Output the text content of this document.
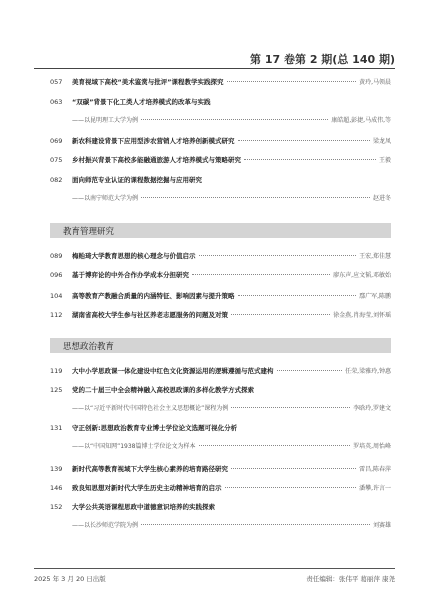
第 17 卷第 2 期(总 140 期)
057	美育视域下高校“美术鉴赏与批评”课程教学实践探究	黄玲,马领晨
063	“双碳”背景下化工类人才培养模式的改革与实践
——以昆明理工大学为例	康皓超,彭捷,马成伟,等
069	新农科建设背景下应用型涉农营销人才培养创新模式研究	梁龙凤
075	乡村振兴背景下高校多能融通旅游人才培养模式与策略研究	王毅
082	面向师范专业认证的课程数据挖掘与应用研究
——以南宁师范大学为例	赵进冬
教育管理研究
089	梅贻琦大学教育思想的核心理念与价值启示	王宏,郑佳慧
096	基于博弈论的中外合作办学成本分担研究	廖东声,应文韬,邓敏始
104	高等教育产教融合质量的内涵特征、影响因素与提升策略	鄢广军,陈鹏
112	湖南省高校大学生参与社区养老志愿服务的问题及对策	徐金燕,肖海莹,刘怀瑶
思想政治教育
119	大中小学思政课一体化建设中红色文化资源运用的逻辑遵循与范式建构	任荣,梁雅玲,钟惠
125	党的二十届三中全会精神融入高校思政课的多样化教学方式探索
——以“习近平新时代中国特色社会主义思想概论”课程为例	李晗玲,罗建文
131	守正创新:思想政治教育专业博士学位论文选题可视化分析
——以“中国知网”1938篇博士学位论文为样本	罗培英,周怡峰
139	新时代高等教育视域下大学生核心素养的培育路径研究	雷昌,陈春萍
146	致良知思想对新时代大学生历史主动精神培育的启示	潘攀,许言一
152	大学公共英语课程思政中道德意识培养的实践探索
——以长沙师范学院为例	刘赛雄
2025 年 3 月 20 日出版	责任编辑：张伟平 葛丽萍 康尧
